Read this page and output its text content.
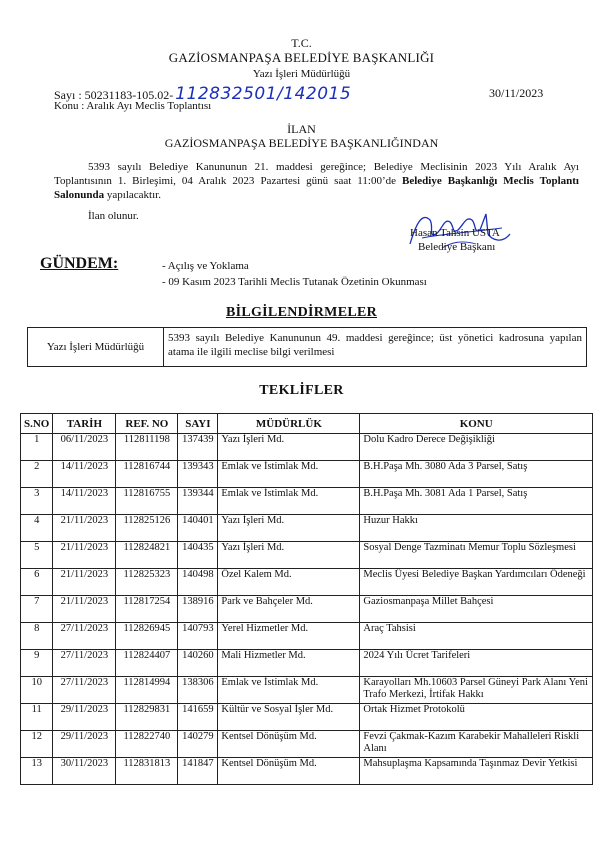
T.C.
GAZİOSMANPAŞA BELEDİYE BAŞKANLIĞI
Yazı İşleri Müdürlüğü
Sayı : 50231183-105.02- 112832501/142015	30/11/2023
Konu : Aralık Ayı Meclis Toplantısı
İLAN
GAZİOSMANPAŞA BELEDİYE BAŞKANLIĞINDAN
5393 sayılı Belediye Kanununun 21. maddesi gereğince; Belediye Meclisinin 2023 Yılı Aralık Ayı Toplantısının 1. Birleşimi, 04 Aralık 2023 Pazartesi günü saat 11:00’de Belediye Başkanlığı Meclis Toplantı Salonunda yapılacaktır.
İlan olunur.
Hasan Tahsin USTA
Belediye Başkanı
GÜNDEM:	- Açılış ve Yoklama
- 09 Kasım 2023 Tarihli Meclis Tutanak Özetinin Okunması
BİLGİLENDİRMELER
Yazı İşleri Müdürlüğü
5393 sayılı Belediye Kanununun 49. maddesi gereğince; üst yönetici kadrosuna yapılan atama ile ilgili meclise bilgi verilmesi
TEKLİFLER
S.NO	TARİH	REF. NO	SAYI	MÜDÜRLÜK	KONU
1	06/11/2023	112811198	137439	Yazı İşleri Md.	Dolu Kadro Derece Değişikliği
2	14/11/2023	112816744	139343	Emlak ve İstimlak Md.	B.H.Paşa Mh. 3080 Ada 3 Parsel, Satış
3	14/11/2023	112816755	139344	Emlak ve İstimlak Md.	B.H.Paşa Mh. 3081 Ada 1 Parsel, Satış
4	21/11/2023	112825126	140401	Yazı İşleri Md.	Huzur Hakkı
5	21/11/2023	112824821	140435	Yazı İşleri Md.	Sosyal Denge Tazminatı Memur Toplu Sözleşmesi
6	21/11/2023	112825323	140498	Özel Kalem Md.	Meclis Üyesi Belediye Başkan Yardımcıları Ödeneği
7	21/11/2023	112817254	138916	Park ve Bahçeler Md.	Gaziosmanpaşa Millet Bahçesi
8	27/11/2023	112826945	140793	Yerel Hizmetler Md.	Araç Tahsisi
9	27/11/2023	112824407	140260	Mali Hizmetler Md.	2024 Yılı Ücret Tarifeleri
10	27/11/2023	112814994	138306	Emlak ve İstimlak Md.	Karayolları Mh.10603 Parsel Güneyi Park Alanı Yeni Trafo Merkezi, İrtifak Hakkı
11	29/11/2023	112829831	141659	Kültür ve Sosyal İşler Md.	Ortak Hizmet Protokolü
12	29/11/2023	112822740	140279	Kentsel Dönüşüm Md.	Fevzi Çakmak-Kazım Karabekir Mahalleleri Riskli Alanı
13	30/11/2023	112831813	141847	Kentsel Dönüşüm Md.	Mahsuplaşma Kapsamında Taşınmaz Devir Yetkisi
